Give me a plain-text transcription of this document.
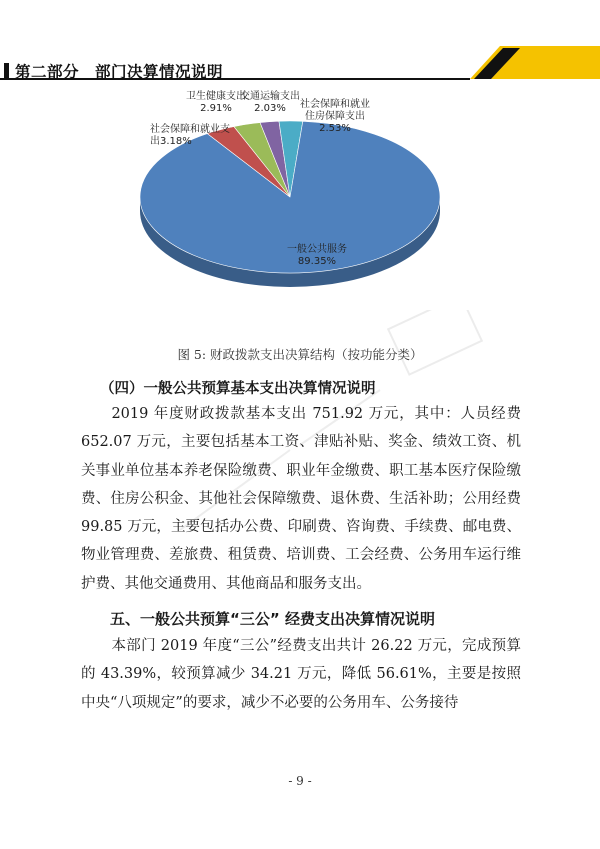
第二部分　部门决算情况说明
卫生健康支出
2.91%
交通运输支出
2.03%	社会保障和就业住房保障支出
2.53%
社会保障和就业支出3.18%
一般公共服务
89.35%
图 5: 财政拨款支出决算结构（按功能分类）
（四）一般公共预算基本支出决算情况说明
2019 年度财政拨款基本支出 751.92 万元，其中：人员经费 652.07 万元，主要包括基本工资、津贴补贴、奖金、绩效工资、机关事业单位基本养老保险缴费、职业年金缴费、职工基本医疗保险缴费、住房公积金、其他社会保障缴费、退休费、生活补助；公用经费 99.85 万元，主要包括办公费、印刷费、咨询费、手续费、邮电费、物业管理费、差旅费、租赁费、培训费、工会经费、公务用车运行维护费、其他交通费用、其他商品和服务支出。
五、一般公共预算“三公” 经费支出决算情况说明
本部门 2019 年度“三公”经费支出共计 26.22 万元，完成预算的 43.39%，较预算减少 34.21 万元，降低 56.61%，主要是按照中央“八项规定”的要求，减少不必要的公务用车、公务接待
- 9 -
